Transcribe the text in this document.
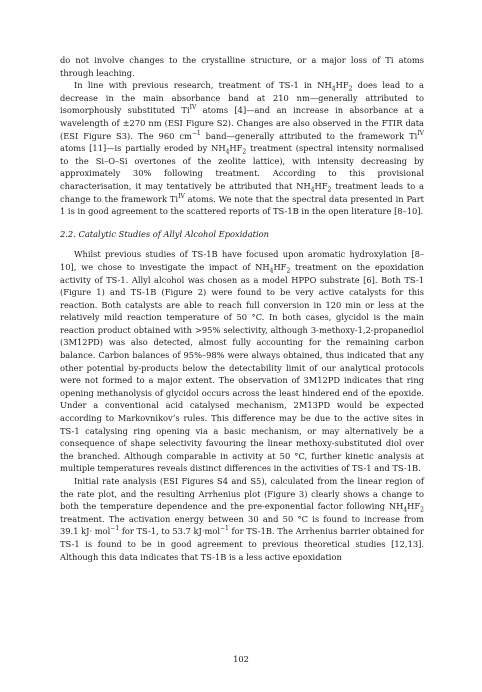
do not involve changes to the crystalline structure, or a major loss of Ti atoms through leaching.

In line with previous research, treatment of TS-1 in $NH_4HF_2$ does lead to a decrease in the main absorbance band at 210 nm—generally attributed to isomorphously substituted $Ti^{IV}$ atoms [4]—and an increase in absorbance at a wavelength of ±270 nm (ESI Figure S2). Changes are also observed in the FTIR data (ESI Figure S3). The 960 $cm^{-1}$ band—generally attributed to the framework $Ti^{IV}$ atoms [11]—is partially eroded by $NH_4HF_2$ treatment (spectral intensity normalised to the Si–O–Si overtones of the zeolite lattice), with intensity decreasing by approximately 30% following treatment. According to this provisional characterisation, it may tentatively be attributed that $NH_4HF_2$ treatment leads to a change to the framework $Ti^{IV}$ atoms. We note that the spectral data presented in Part 1 is in good agreement to the scattered reports of TS-1B in the open literature [8–10].

2.2. Catalytic Studies of Allyl Alcohol Epoxidation

Whilst previous studies of TS-1B have focused upon aromatic hydroxylation [8–10], we chose to investigate the impact of $NH_4HF_2$ treatment on the epoxidation activity of TS-1. Allyl alcohol was chosen as a model HPPO substrate [6]. Both TS-1 (Figure 1) and TS-1B (Figure 2) were found to be very active catalysts for this reaction. Both catalysts are able to reach full conversion in 120 min or less at the relatively mild reaction temperature of 50 °C. In both cases, glycidol is the main reaction product obtained with >95% selectivity, although 3-methoxy-1,2-propanediol (3M12PD) was also detected, almost fully accounting for the remaining carbon balance. Carbon balances of 95%–98% were always obtained, thus indicated that any other potential by-products below the detectability limit of our analytical protocols were not formed to a major extent. The observation of 3M12PD indicates that ring opening methanolysis of glycidol occurs across the least hindered end of the epoxide. Under a conventional acid catalysed mechanism, 2M13PD would be expected according to Markovnikov’s rules. This difference may be due to the active sites in TS-1 catalysing ring opening via a basic mechanism, or may alternatively be a consequence of shape selectivity favouring the linear methoxy-substituted diol over the branched. Although comparable in activity at 50 °C, further kinetic analysis at multiple temperatures reveals distinct differences in the activities of TS-1 and TS-1B.

Initial rate analysis (ESI Figures S4 and S5), calculated from the linear region of the rate plot, and the resulting Arrhenius plot (Figure 3) clearly shows a change to both the temperature dependence and the pre-exponential factor following $NH_4HF_2$ treatment. The activation energy between 30 and 50 °C is found to increase from 39.1 kJ· mol$^{-1}$ for TS-1, to 53.7 kJ·mol$^{-1}$ for TS-1B. The Arrhenius barrier obtained for TS-1 is found to be in good agreement to previous theoretical studies [12,13]. Although this data indicates that TS-1B is a less active epoxidation

102
